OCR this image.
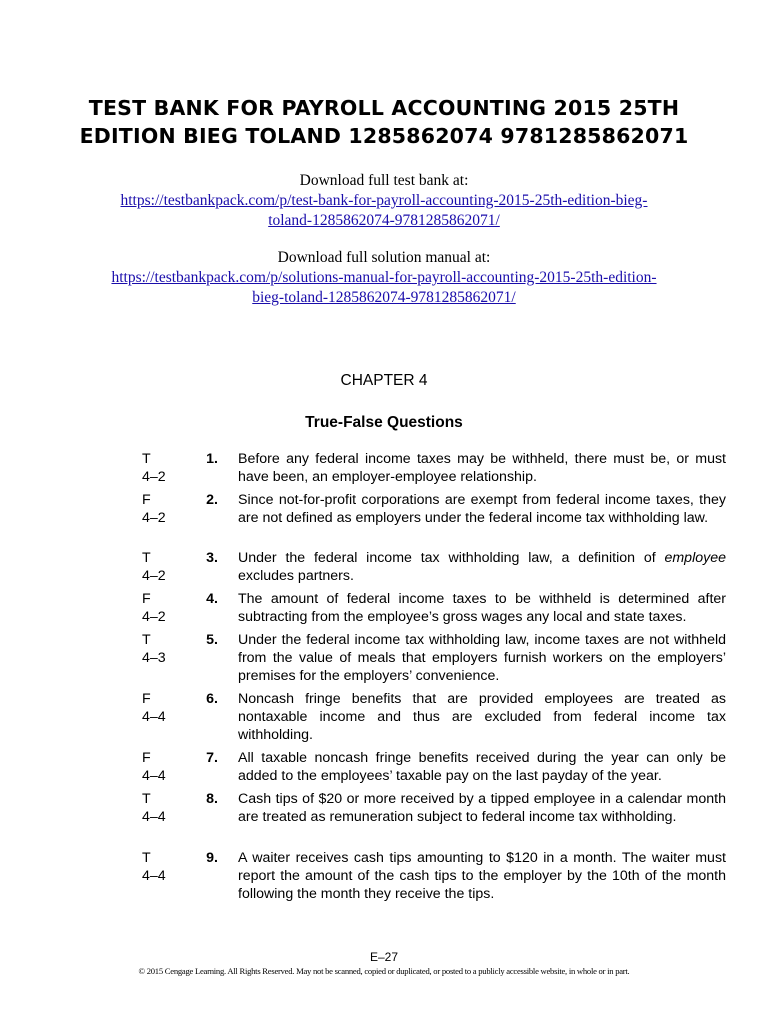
TEST BANK FOR PAYROLL ACCOUNTING 2015 25TH
EDITION BIEG TOLAND 1285862074 9781285862071
Download full test bank at:
https://testbankpack.com/p/test-bank-for-payroll-accounting-2015-25th-edition-bieg-
toland-1285862074-9781285862071/
Download full solution manual at:
https://testbankpack.com/p/solutions-manual-for-payroll-accounting-2015-25th-edition-
bieg-toland-1285862074-9781285862071/
CHAPTER 4
True-False Questions
T
4–2
1. Before any federal income taxes may be withheld, there must be, or must have been, an employer-employee relationship.
F
4–2
2. Since not-for-profit corporations are exempt from federal income taxes, they are not defined as employers under the federal income tax withholding law.
T
4–2
3. Under the federal income tax withholding law, a definition of employee excludes partners.
F
4–2
4. The amount of federal income taxes to be withheld is determined after subtracting from the employee’s gross wages any local and state taxes.
T
4–3
5. Under the federal income tax withholding law, income taxes are not withheld from the value of meals that employers furnish workers on the employers’ premises for the employers’ convenience.
F
4–4
6. Noncash fringe benefits that are provided employees are treated as nontaxable income and thus are excluded from federal income tax withholding.
F
4–4
7. All taxable noncash fringe benefits received during the year can only be added to the employees’ taxable pay on the last payday of the year.
T
4–4
8. Cash tips of $20 or more received by a tipped employee in a calendar month are treated as remuneration subject to federal income tax withholding.
T
4–4
9. A waiter receives cash tips amounting to $120 in a month. The waiter must report the amount of the cash tips to the employer by the 10th of the month following the month they receive the tips.
E–27
© 2015 Cengage Learning. All Rights Reserved. May not be scanned, copied or duplicated, or posted to a publicly accessible website, in whole or in part.
